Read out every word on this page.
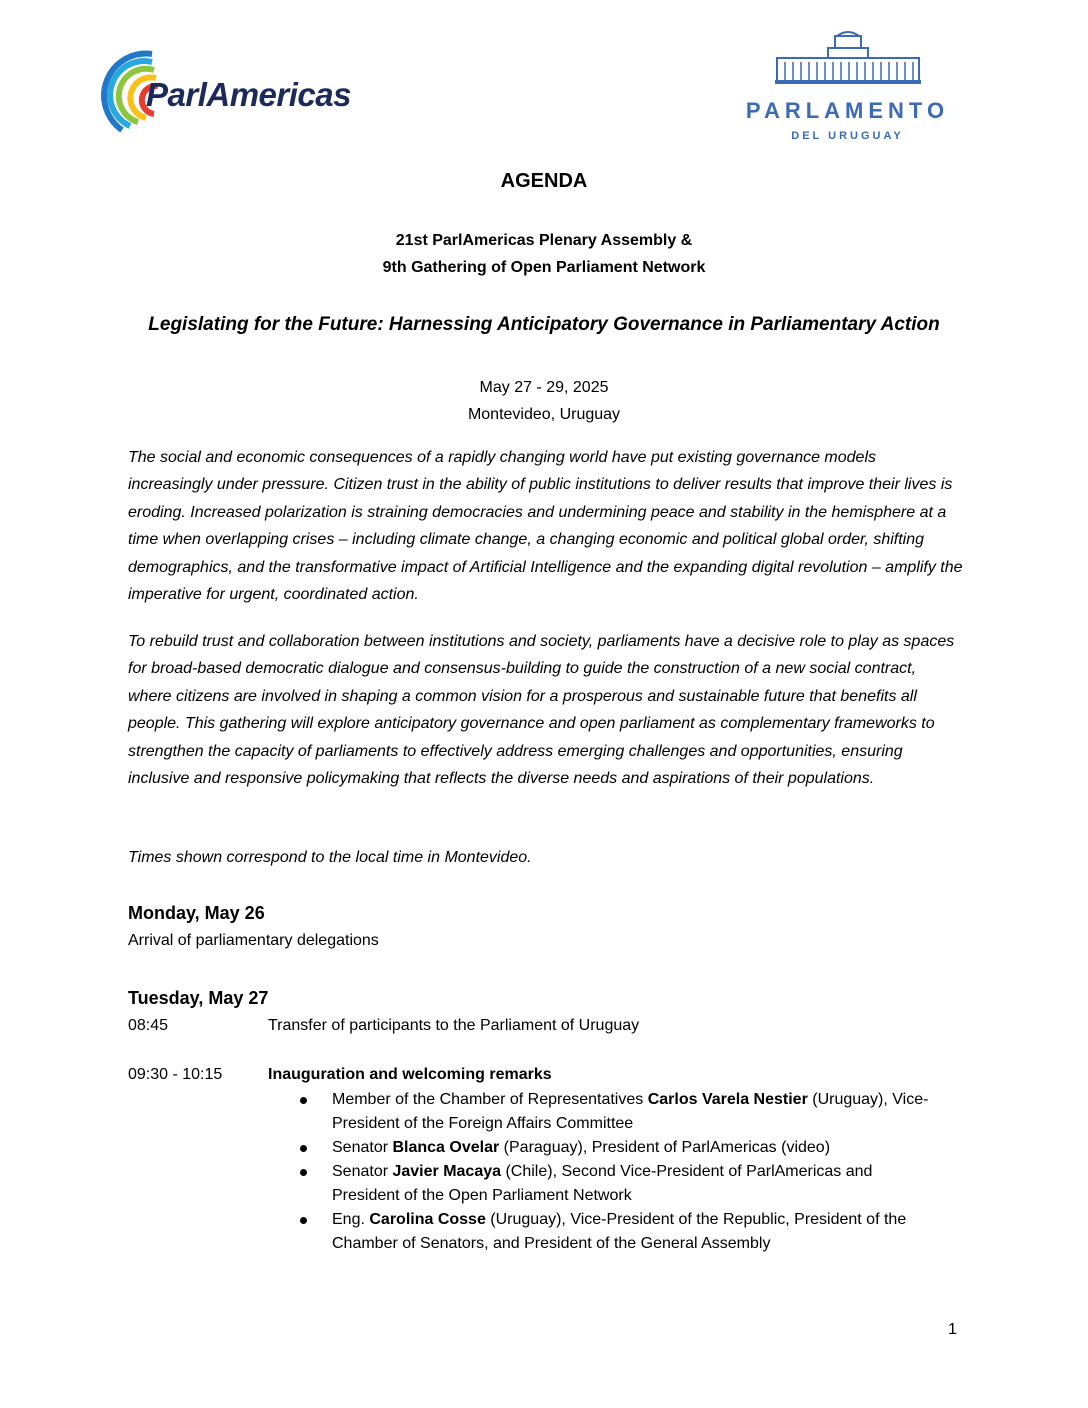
ParlAmericas	PARLAMENTO
DEL URUGUAY
AGENDA
21st ParlAmericas Plenary Assembly &
9th Gathering of Open Parliament Network
Legislating for the Future: Harnessing Anticipatory Governance in Parliamentary Action
May 27 - 29, 2025
Montevideo, Uruguay
The social and economic consequences of a rapidly changing world have put existing governance models increasingly under pressure. Citizen trust in the ability of public institutions to deliver results that improve their lives is eroding. Increased polarization is straining democracies and undermining peace and stability in the hemisphere at a time when overlapping crises – including climate change, a changing economic and political global order, shifting demographics, and the transformative impact of Artificial Intelligence and the expanding digital revolution – amplify the imperative for urgent, coordinated action.
To rebuild trust and collaboration between institutions and society, parliaments have a decisive role to play as spaces for broad-based democratic dialogue and consensus-building to guide the construction of a new social contract, where citizens are involved in shaping a common vision for a prosperous and sustainable future that benefits all people. This gathering will explore anticipatory governance and open parliament as complementary frameworks to strengthen the capacity of parliaments to effectively address emerging challenges and opportunities, ensuring inclusive and responsive policymaking that reflects the diverse needs and aspirations of their populations.
Times shown correspond to the local time in Montevideo.
Monday, May 26
Arrival of parliamentary delegations
Tuesday, May 27
08:45	Transfer of participants to the Parliament of Uruguay
09:30 - 10:15	Inauguration and welcoming remarks
Member of the Chamber of Representatives Carlos Varela Nestier (Uruguay), Vice-President of the Foreign Affairs Committee
Senator Blanca Ovelar (Paraguay), President of ParlAmericas (video)
Senator Javier Macaya (Chile), Second Vice-President of ParlAmericas and President of the Open Parliament Network
Eng. Carolina Cosse (Uruguay), Vice-President of the Republic, President of the Chamber of Senators, and President of the General Assembly
1
